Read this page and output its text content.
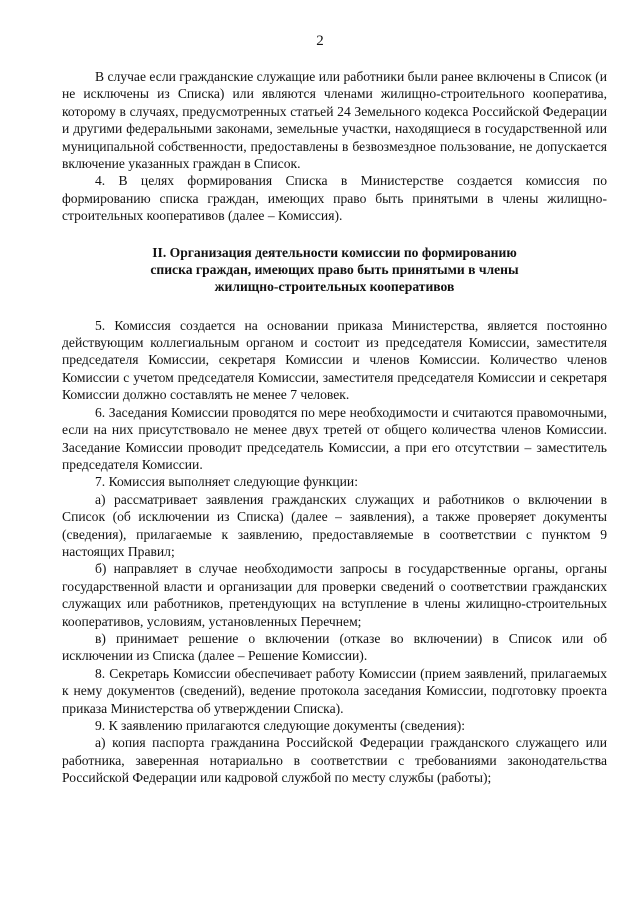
2

В случае если гражданские служащие или работники были ранее включены в Список (и не исключены из Списка) или являются членами жилищно-строительного кооператива, которому в случаях, предусмотренных статьей 24 Земельного кодекса Российской Федерации и другими федеральными законами, земельные участки, находящиеся в государственной или муниципальной собственности, предоставлены в безвозмездное пользование, не допускается включение указанных граждан в Список.

4. В целях формирования Списка в Министерстве создается комиссия по формированию списка граждан, имеющих право быть принятыми в члены жилищно-строительных кооперативов (далее – Комиссия).

II. Организация деятельности комиссии по формированию
списка граждан, имеющих право быть принятыми в члены
жилищно-строительных кооперативов

5. Комиссия создается на основании приказа Министерства, является постоянно действующим коллегиальным органом и состоит из председателя Комиссии, заместителя председателя Комиссии, секретаря Комиссии и членов Комиссии. Количество членов Комиссии с учетом председателя Комиссии, заместителя председателя Комиссии и секретаря Комиссии должно составлять не менее 7 человек.

6. Заседания Комиссии проводятся по мере необходимости и считаются правомочными, если на них присутствовало не менее двух третей от общего количества членов Комиссии. Заседание Комиссии проводит председатель Комиссии, а при его отсутствии – заместитель председателя Комиссии.

7. Комиссия выполняет следующие функции:

а) рассматривает заявления гражданских служащих и работников о включении в Список (об исключении из Списка) (далее – заявления), а также проверяет документы (сведения), прилагаемые к заявлению, предоставляемые в соответствии с пунктом 9 настоящих Правил;

б) направляет в случае необходимости запросы в государственные органы, органы государственной власти и организации для проверки сведений о соответствии гражданских служащих или работников, претендующих на вступление в члены жилищно-строительных кооперативов, условиям, установленных Перечнем;

в) принимает решение о включении (отказе во включении) в Список или об исключении из Списка (далее – Решение Комиссии).

8. Секретарь Комиссии обеспечивает работу Комиссии (прием заявлений, прилагаемых к нему документов (сведений), ведение протокола заседания Комиссии, подготовку проекта приказа Министерства об утверждении Списка).

9. К заявлению прилагаются следующие документы (сведения):

а) копия паспорта гражданина Российской Федерации гражданского служащего или работника, заверенная нотариально в соответствии с требованиями законодательства Российской Федерации или кадровой службой по месту службы (работы);
